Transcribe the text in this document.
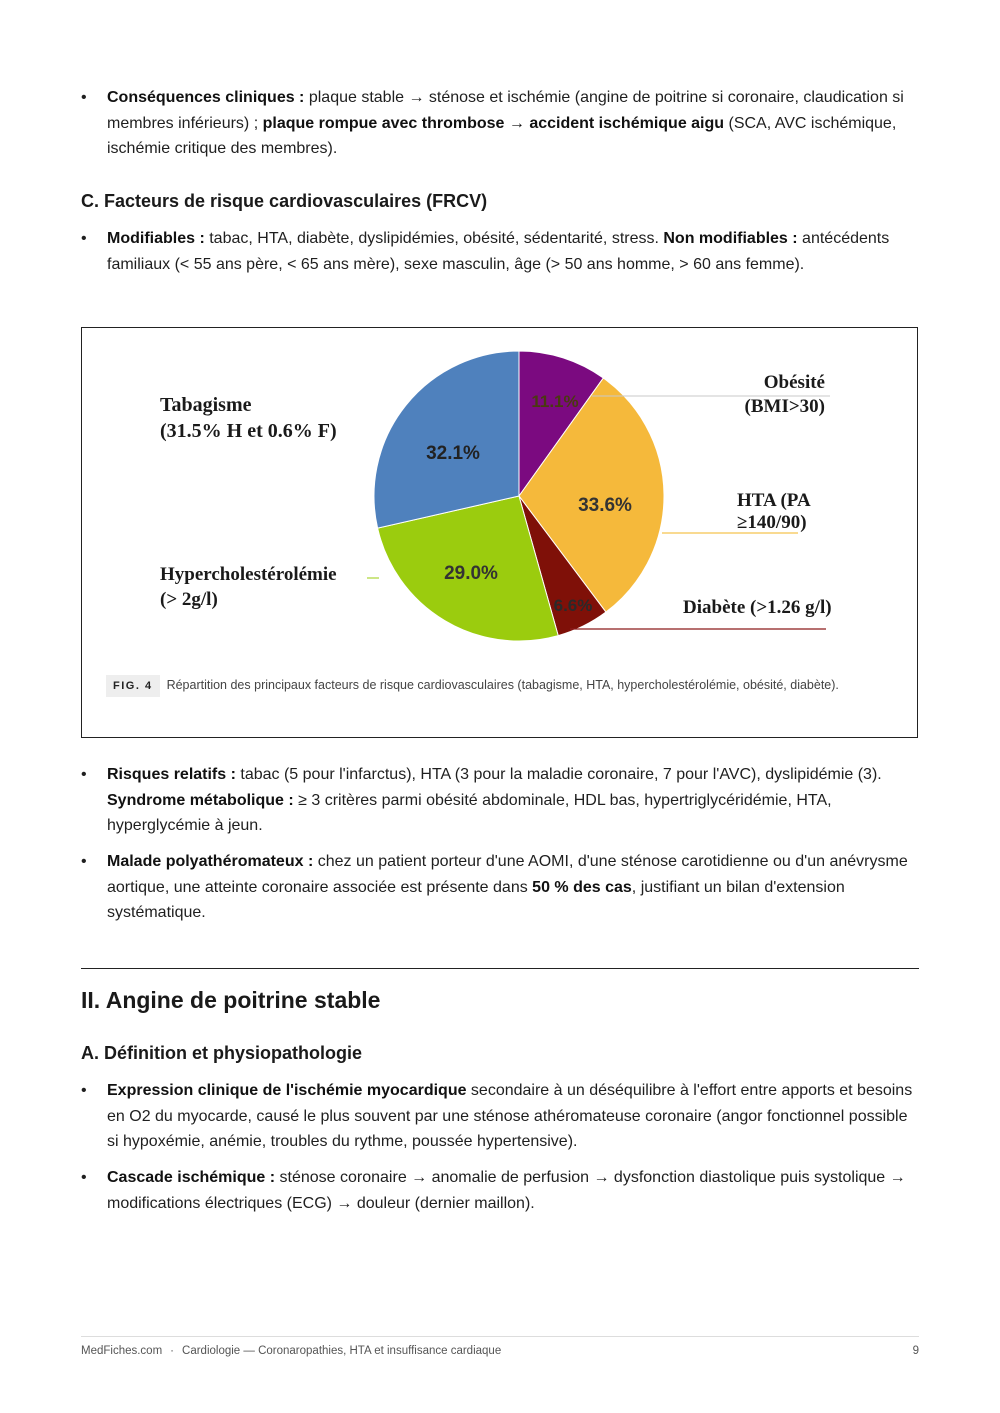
• Conséquences cliniques : plaque stable → sténose et ischémie (angine de poitrine si coronaire, claudication si membres inférieurs) ; plaque rompue avec thrombose → accident ischémique aigu (SCA, AVC ischémique, ischémie critique des membres).
C. Facteurs de risque cardiovasculaires (FRCV)
• Modifiables : tabac, HTA, diabète, dyslipidémies, obésité, sédentarité, stress. Non modifiables : antécédents familiaux (< 55 ans père, < 65 ans mère), sexe masculin, âge (> 50 ans homme, > 60 ans femme).
11.1%
33.6%
6.6%
29.0%
32.1%
Tabagisme
(31.5% H et 0.6% F)
Obésité
(BMI>30)
HTA (PA
≥140/90)
Hypercholestérolémie
(> 2g/l)	Diabète (>1.26 g/l)
FIG. 4 Répartition des principaux facteurs de risque cardiovasculaires (tabagisme, HTA, hypercholestérolémie, obésité, diabète).
• Risques relatifs : tabac (5 pour l'infarctus), HTA (3 pour la maladie coronaire, 7 pour l'AVC), dyslipidémie (3). Syndrome métabolique : ≥ 3 critères parmi obésité abdominale, HDL bas, hypertriglycéridémie, HTA, hyperglycémie à jeun.
• Malade polyathéromateux : chez un patient porteur d'une AOMI, d'une sténose carotidienne ou d'un anévrysme aortique, une atteinte coronaire associée est présente dans 50 % des cas, justifiant un bilan d'extension systématique.
II. Angine de poitrine stable
A. Définition et physiopathologie
• Expression clinique de l'ischémie myocardique secondaire à un déséquilibre à l'effort entre apports et besoins en O2 du myocarde, causé le plus souvent par une sténose athéromateuse coronaire (angor fonctionnel possible si hypoxémie, anémie, troubles du rythme, poussée hypertensive).
• Cascade ischémique : sténose coronaire → anomalie de perfusion → dysfonction diastolique puis systolique → modifications électriques (ECG) → douleur (dernier maillon).
MedFiches.com · Cardiologie — Coronaropathies, HTA et insuffisance cardiaque	9
